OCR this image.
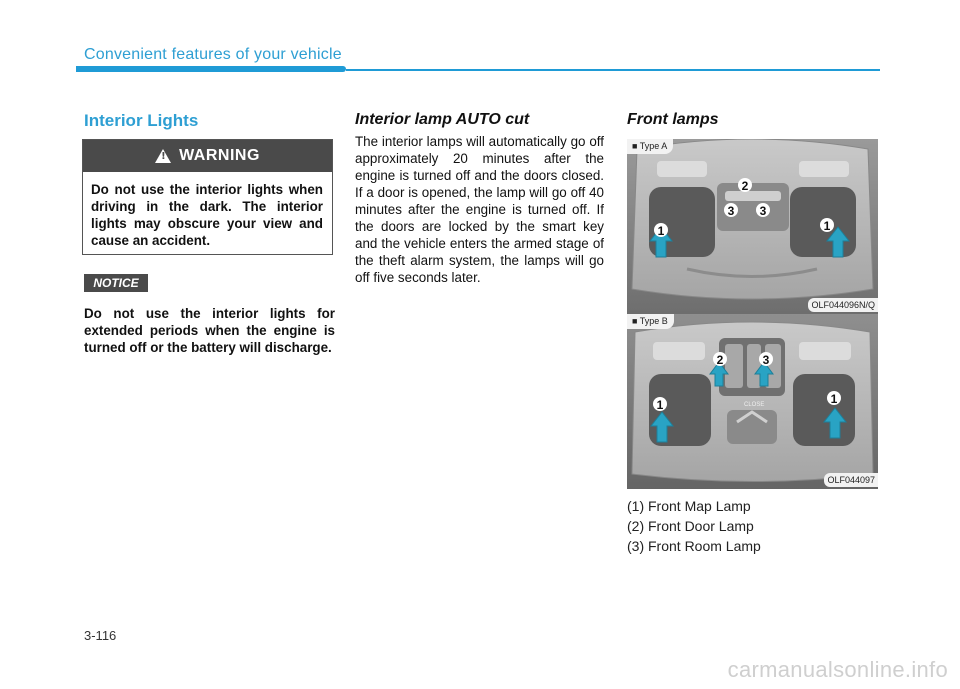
Convenient features of your vehicle
Interior Lights
!
WARNING
Do not use the interior lights when driving in the dark. The interior lights may obscure your view and cause an accident.
NOTICE
Do not use the interior lights for extended periods when the engine is turned off or the battery will discharge.
Interior lamp AUTO cut
The interior lamps will automatically go off approximately 20 minutes after the engine is turned off and the doors closed. If a door is opened, the lamp will go off 40 minutes after the engine is turned off. If the doors are locked by the smart key and the vehicle enters the armed stage of the theft alarm system, the lamps will go off five seconds later.
Front lamps
1	1
2
3 3
■ Type A
OLF044096N/Q
CLOSE
1	1
2	3
■ Type B
OLF044097
(1) Front Map Lamp
(2) Front Door Lamp
(3) Front Room Lamp
3-116
carmanualsonline.info
